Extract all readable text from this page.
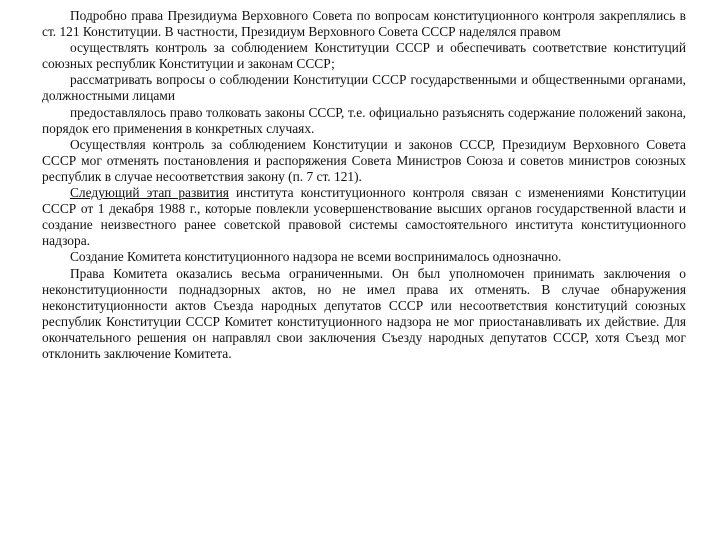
Подробно права Президиума Верховного Совета по вопросам конституционного контроля закреплялись в ст. 121 Конституции. В частности, Президиум Верховного Совета СССР наделялся правом

осуществлять контроль за соблюдением Конституции СССР и обеспечивать соответствие конституций союзных республик Конституции и законам СССР;

рассматривать вопросы о соблюдении Конституции СССР государственными и общественными органами, должностными лицами

предоставлялось право толковать законы СССР, т.е. официально разъяснять содержание положений закона, порядок его применения в конкретных случаях.

Осуществляя контроль за соблюдением Конституции и законов СССР, Президиум Верховного Совета СССР мог отменять постановления и распоряжения Совета Министров Союза и советов министров союзных республик в случае несоответствия закону (п. 7 ст. 121).

Следующий этап развития института конституционного контроля связан с изменениями Конституции СССР от 1 декабря 1988 г., которые повлекли усовершенствование высших органов государственной власти и создание неизвестного ранее советской правовой системы самостоятельного института конституционного надзора.

Создание Комитета конституционного надзора не всеми воспринималось однозначно.

Права Комитета оказались весьма ограниченными. Он был уполномочен принимать заключения о неконституционности поднадзорных актов, но не имел права их отменять. В случае обнаружения неконституционности актов Съезда народных депутатов СССР или несоответствия конституций союзных республик Конституции СССР Комитет конституционного надзора не мог приостанавливать их действие. Для окончательного решения он направлял свои заключения Съезду народных депутатов СССР, хотя Съезд мог отклонить заключение Комитета.
